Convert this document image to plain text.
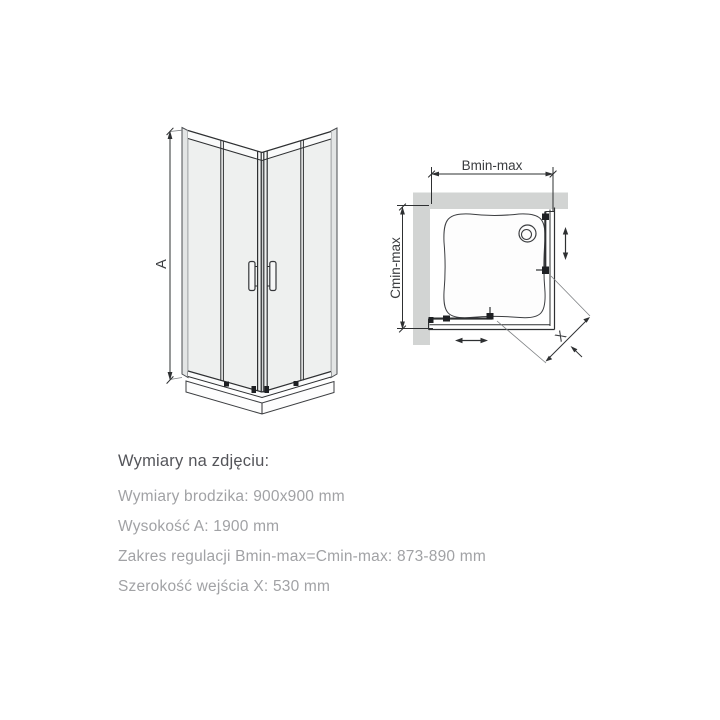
A
Bmin-max
Cmin-max
X

Wymiary na zdjęciu:

Wymiary brodzika: 900x900 mm
Wysokość A: 1900 mm
Zakres regulacji Bmin-max=Cmin-max: 873-890 mm
Szerokość wejścia X: 530 mm
